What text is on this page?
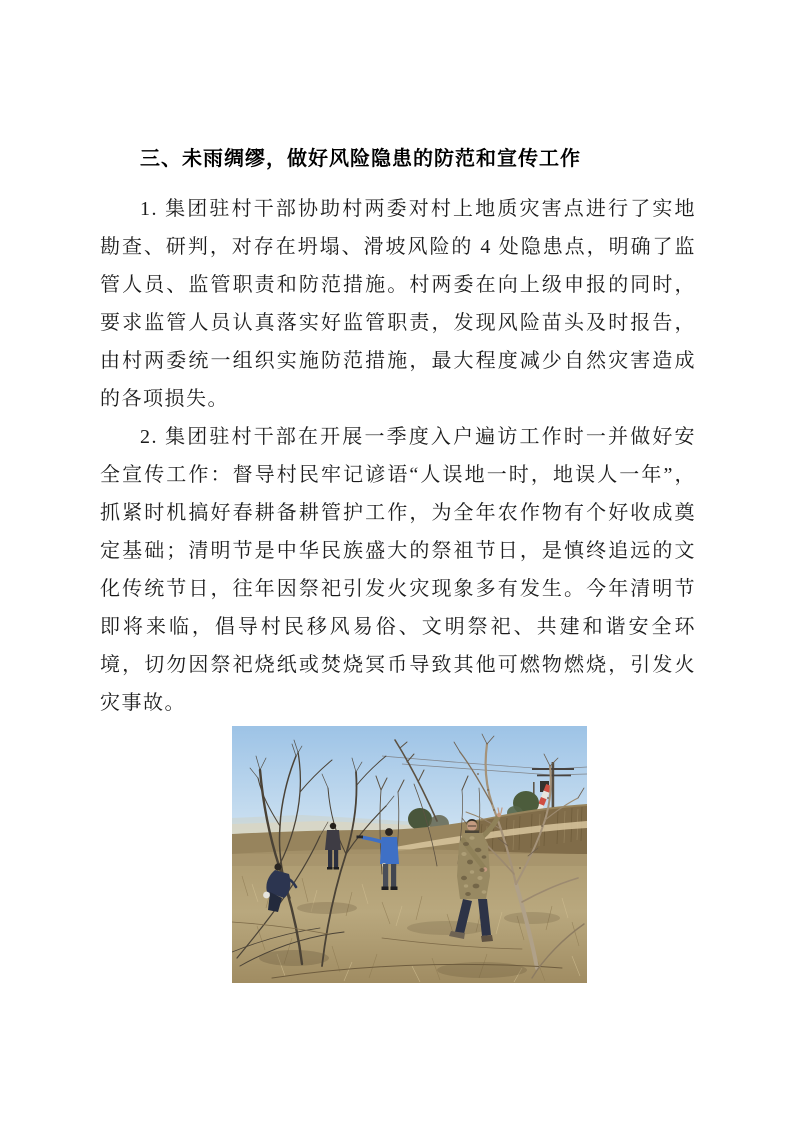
三、未雨绸缪，做好风险隐患的防范和宣传工作

1. 集团驻村干部协助村两委对村上地质灾害点进行了实地勘查、研判，对存在坍塌、滑坡风险的 4 处隐患点，明确了监管人员、监管职责和防范措施。村两委在向上级申报的同时，要求监管人员认真落实好监管职责，发现风险苗头及时报告，由村两委统一组织实施防范措施，最大程度减少自然灾害造成的各项损失。

2. 集团驻村干部在开展一季度入户遍访工作时一并做好安全宣传工作：督导村民牢记谚语“人误地一时，地误人一年”，抓紧时机搞好春耕备耕管护工作，为全年农作物有个好收成奠定基础；清明节是中华民族盛大的祭祖节日，是慎终追远的文化传统节日，往年因祭祀引发火灾现象多有发生。今年清明节即将来临，倡导村民移风易俗、文明祭祀、共建和谐安全环境，切勿因祭祀烧纸或焚烧冥币导致其他可燃物燃烧，引发火灾事故。
